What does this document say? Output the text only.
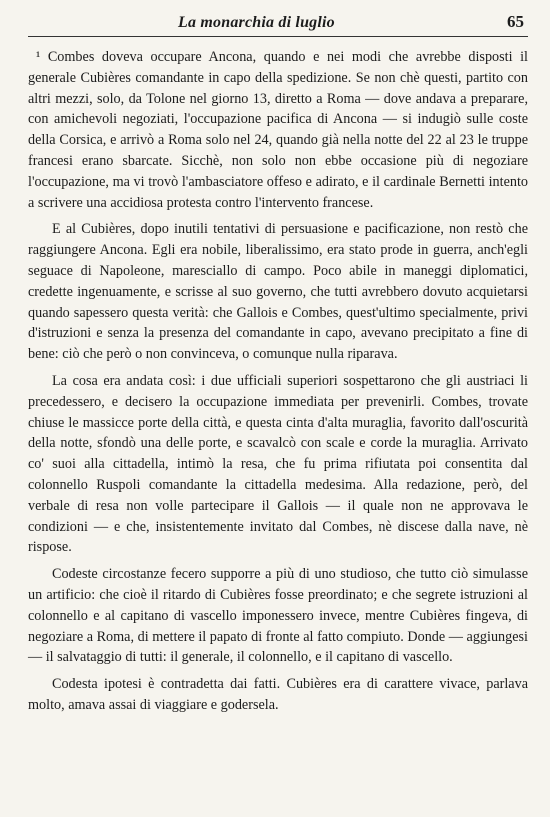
La monarchia di luglio	65

¹ Combes doveva occupare Ancona, quando e nei modi che avrebbe disposti il generale Cubières comandante in capo della spedizione. Se non chè questi, partito con altri mezzi, solo, da Tolone nel giorno 13, diretto a Roma — dove andava a preparare, con amichevoli negoziati, l'occupazione pacifica di Ancona — si indugiò sulle coste della Corsica, e arrivò a Roma solo nel 24, quando già nella notte del 22 al 23 le truppe francesi erano sbarcate. Sicchè, non solo non ebbe occasione più di negoziare l'occupazione, ma vi trovò l'ambasciatore offeso e adirato, e il cardinale Bernetti intento a scrivere una accidiosa protesta contro l'intervento francese.

E al Cubières, dopo inutili tentativi di persuasione e pacificazione, non restò che raggiungere Ancona. Egli era nobile, liberalissimo, era stato prode in guerra, anch'egli seguace di Napoleone, maresciallo di campo. Poco abile in maneggi diplomatici, credette ingenuamente, e scrisse al suo governo, che tutti avrebbero dovuto acquietarsi quando sapessero questa verità: che Gallois e Combes, quest'ultimo specialmente, privi d'istruzioni e senza la presenza del comandante in capo, avevano precipitato a fine di bene: ciò che però o non convinceva, o comunque nulla riparava.

La cosa era andata così: i due ufficiali superiori sospettarono che gli austriaci li precedessero, e decisero la occupazione immediata per prevenirli. Combes, trovate chiuse le massicce porte della città, e questa cinta d'alta muraglia, favorito dall'oscurità della notte, sfondò una delle porte, e scavalcò con scale e corde la muraglia. Arrivato co' suoi alla cittadella, intimò la resa, che fu prima rifiutata poi consentita dal colonnello Ruspoli comandante la cittadella medesima. Alla redazione, però, del verbale di resa non volle partecipare il Gallois — il quale non ne approvava le condizioni — e che, insistentemente invitato dal Combes, nè discese dalla nave, nè rispose.

Codeste circostanze fecero supporre a più di uno studioso, che tutto ciò simulasse un artificio: che cioè il ritardo di Cubières fosse preordinato; e che segrete istruzioni al colonnello e al capitano di vascello imponessero invece, mentre Cubières fingeva, di negoziare a Roma, di mettere il papato di fronte al fatto compiuto. Donde — aggiungesi — il salvataggio di tutti: il generale, il colonnello, e il capitano di vascello.

Codesta ipotesi è contradetta dai fatti. Cubières era di carattere vivace, parlava molto, amava assai di viaggiare e godersela.
